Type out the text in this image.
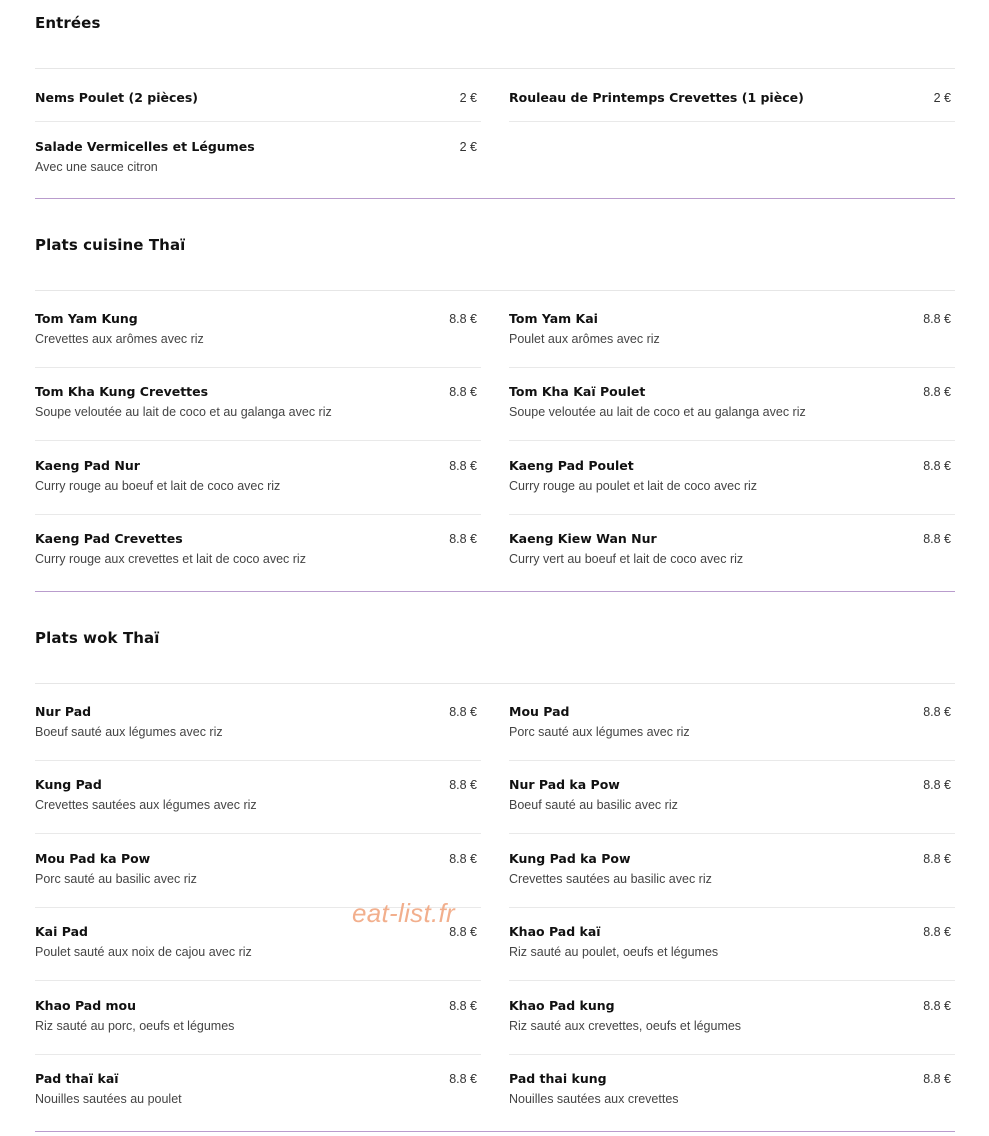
Entrées
Nems Poulet (2 pièces)	2 €	Rouleau de Printemps Crevettes (1 pièce)	2 €
Salade Vermicelles et Légumes	2 €
Avec une sauce citron
Plats cuisine Thaï
Tom Yam Kung	8.8 €
Crevettes aux arômes avec riz
Tom Yam Kai	8.8 €
Poulet aux arômes avec riz
Tom Kha Kung Crevettes	8.8 €
Soupe veloutée au lait de coco et au galanga avec riz
Tom Kha Kaï Poulet	8.8 €
Soupe veloutée au lait de coco et au galanga avec riz
Kaeng Pad Nur	8.8 €
Curry rouge au boeuf et lait de coco avec riz
Kaeng Pad Poulet	8.8 €
Curry rouge au poulet et lait de coco avec riz
Kaeng Pad Crevettes	8.8 €
Curry rouge aux crevettes et lait de coco avec riz
Kaeng Kiew Wan Nur	8.8 €
Curry vert au boeuf et lait de coco avec riz
Plats wok Thaï
Nur Pad	8.8 €
Boeuf sauté aux légumes avec riz
Mou Pad	8.8 €
Porc sauté aux légumes avec riz
Kung Pad	8.8 €
Crevettes sautées aux légumes avec riz
Nur Pad ka Pow	8.8 €
Boeuf sauté au basilic avec riz
Mou Pad ka Pow	8.8 €
Porc sauté au basilic avec riz
Kung Pad ka Pow	8.8 €
Crevettes sautées au basilic avec riz
Kai Pad	8.8 €
Poulet sauté aux noix de cajou avec riz
Khao Pad kaï	8.8 €
Riz sauté au poulet, oeufs et légumes
Khao Pad mou	8.8 €
Riz sauté au porc, oeufs et légumes
Khao Pad kung	8.8 €
Riz sauté aux crevettes, oeufs et légumes
Pad thaï kaï	8.8 €
Nouilles sautées au poulet
Pad thai kung	8.8 €
Nouilles sautées aux crevettes
eat-list.fr
